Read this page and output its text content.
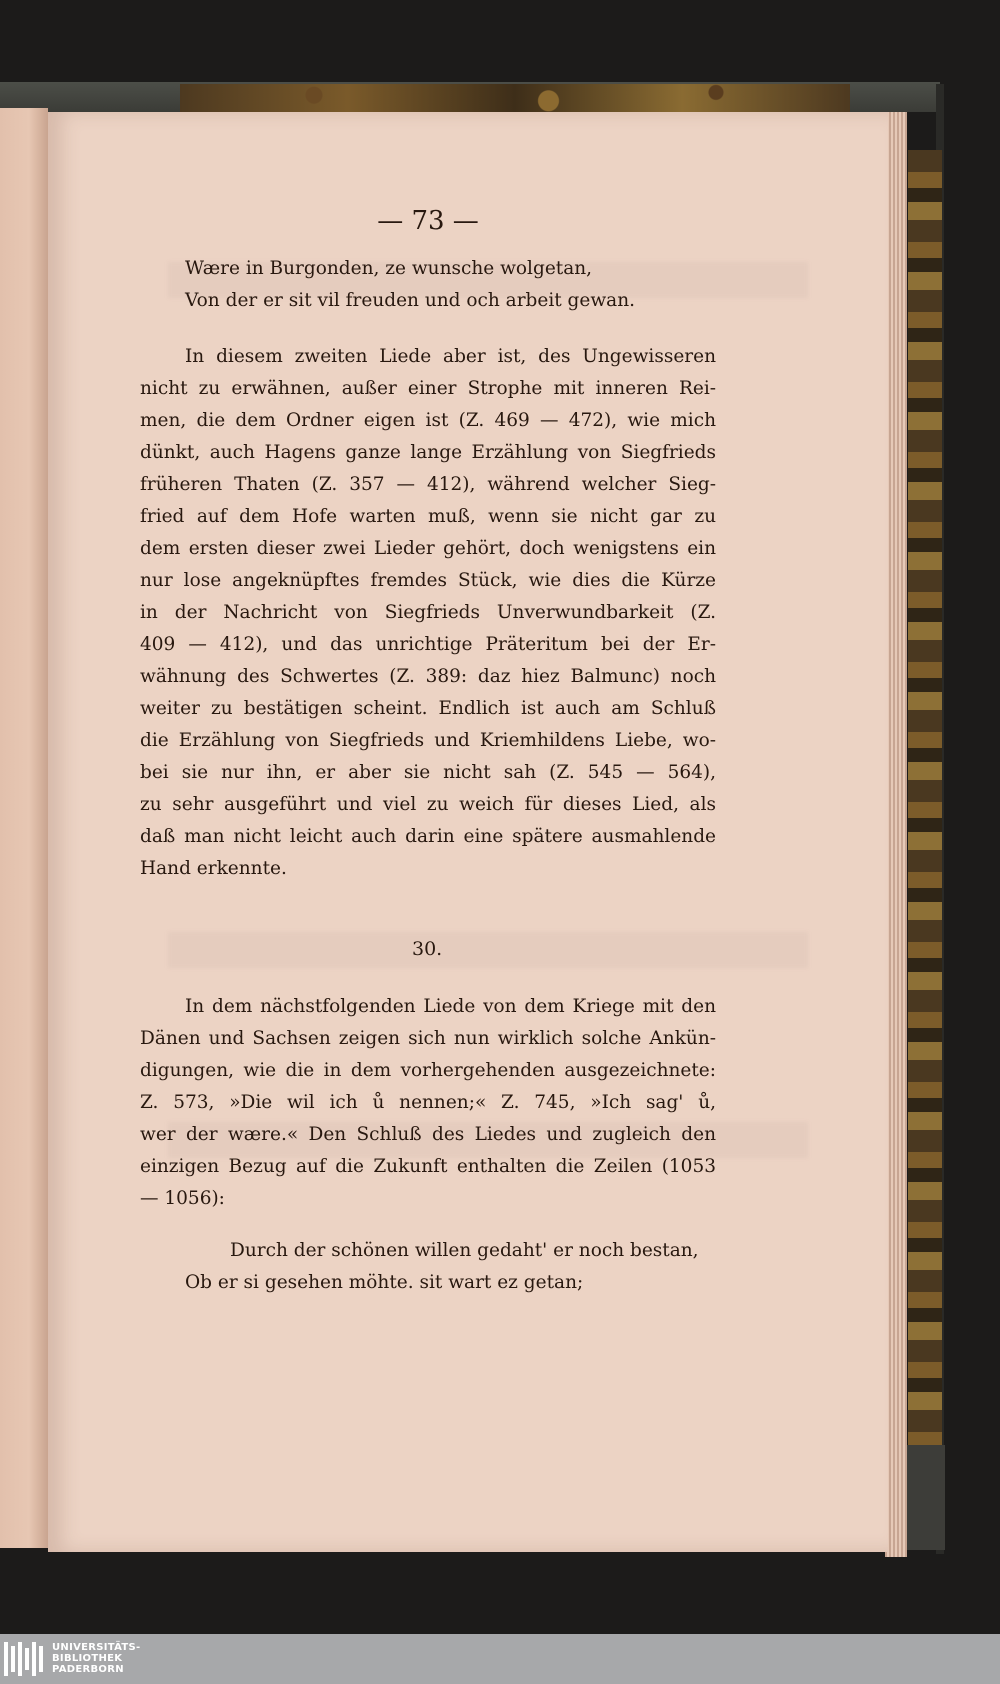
— 73 —
Wære in Burgonden, ze wunsche wolgetan,
Von der er sit vil freuden und och arbeit gewan.
In diesem zweiten Liede aber ist, des Ungewisseren
nicht zu erwähnen, außer einer Strophe mit inneren Rei-
men, die dem Ordner eigen ist (Z. 469 — 472), wie mich
dünkt, auch Hagens ganze lange Erzählung von Siegfrieds
früheren Thaten (Z. 357 — 412), während welcher Sieg-
fried auf dem Hofe warten muß, wenn sie nicht gar zu
dem ersten dieser zwei Lieder gehört, doch wenigstens ein
nur lose angeknüpftes fremdes Stück, wie dies die Kürze
in der Nachricht von Siegfrieds Unverwundbarkeit (Z.
409 — 412), und das unrichtige Präteritum bei der Er-
wähnung des Schwertes (Z. 389: daz hiez Balmunc) noch
weiter zu bestätigen scheint. Endlich ist auch am Schluß
die Erzählung von Siegfrieds und Kriemhildens Liebe, wo-
bei sie nur ihn, er aber sie nicht sah (Z. 545 — 564),
zu sehr ausgeführt und viel zu weich für dieses Lied, als
daß man nicht leicht auch darin eine spätere ausmahlende
Hand erkennte.
30.
In dem nächstfolgenden Liede von dem Kriege mit den
Dänen und Sachsen zeigen sich nun wirklich solche Ankün-
digungen, wie die in dem vorhergehenden ausgezeichnete:
Z. 573, »Die wil ich ů nennen;« Z. 745, »Ich sag' ů,
wer der wære.« Den Schluß des Liedes und zugleich den
einzigen Bezug auf die Zukunft enthalten die Zeilen (1053
— 1056):
Durch der schönen willen gedaht' er noch bestan,
Ob er si gesehen möhte. sit wart ez getan;
UNIVERSITÄTS-
BIBLIOTHEK
PADERBORN
